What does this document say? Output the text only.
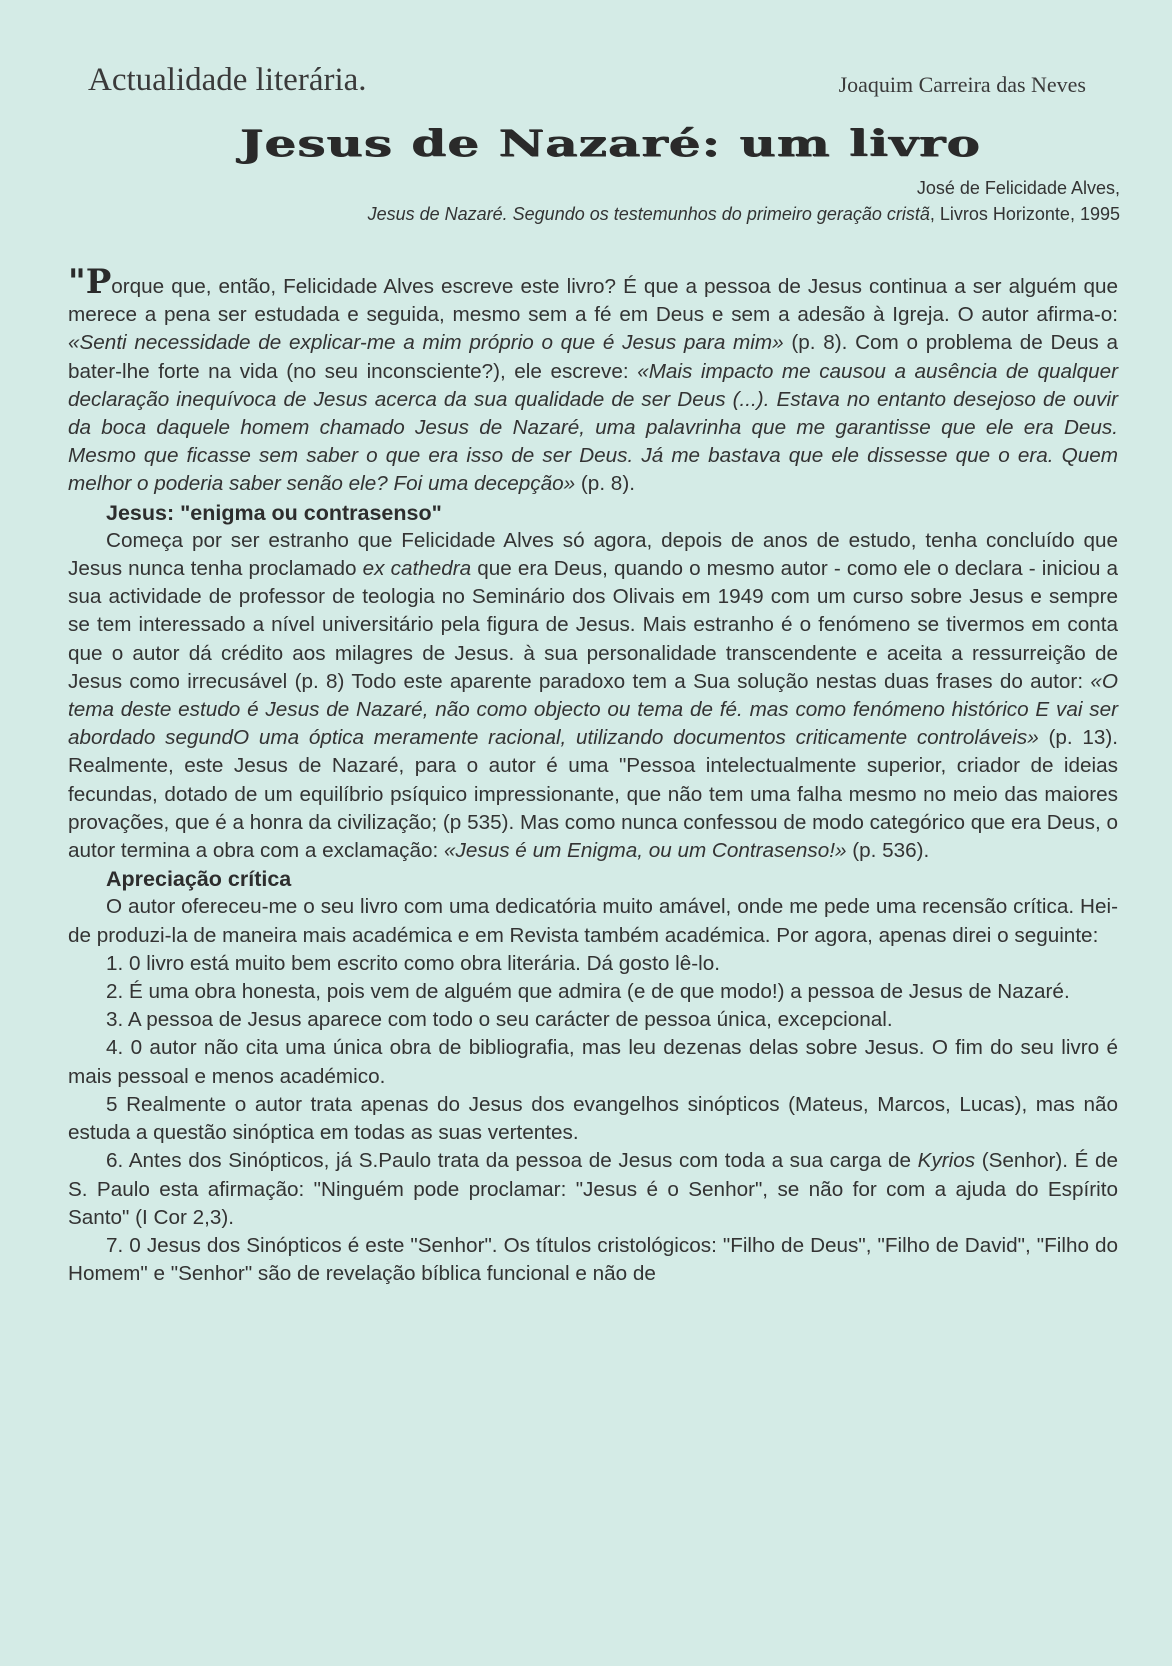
Actualidade literária.	Joaquim Carreira das Neves
Jesus de Nazaré: um livro
José de Felicidade Alves,
Jesus de Nazaré. Segundo os testemunhos do primeiro geração cristã, Livros Horizonte, 1995

"Porque que, então, Felicidade Alves escreve este livro? É que a pessoa de Jesus continua a ser alguém que merece a pena ser estudada e seguida, mesmo sem a fé em Deus e sem a adesão à Igreja. O autor afirma-o: «Senti necessidade de explicar-me a mim próprio o que é Jesus para mim» (p. 8). Com o problema de Deus a bater-lhe forte na vida (no seu inconsciente?), ele escreve: «Mais impacto me causou a ausência de qualquer declaração inequívoca de Jesus acerca da sua qualidade de ser Deus (...). Estava no entanto desejoso de ouvir da boca daquele homem chamado Jesus de Nazaré, uma palavrinha que me garantisse que ele era Deus. Mesmo que ficasse sem saber o que era isso de ser Deus. Já me bastava que ele dissesse que o era. Quem melhor o poderia saber senão ele? Foi uma decepção» (p. 8).

Jesus: "enigma ou contrasenso"

Começa por ser estranho que Felicidade Alves só agora, depois de anos de estudo, tenha concluído que Jesus nunca tenha proclamado ex cathedra que era Deus, quando o mesmo autor - como ele o declara - iniciou a sua actividade de professor de teologia no Seminário dos Olivais em 1949 com um curso sobre Jesus e sempre se tem interessado a nível universitário pela figura de Jesus. Mais estranho é o fenómeno se tivermos em conta que o autor dá crédito aos milagres de Jesus. à sua personalidade transcendente e aceita a ressurreição de Jesus como irrecusável (p. 8) Todo este aparente paradoxo tem a Sua solução nestas duas frases do autor: «O tema deste estudo é Jesus de Nazaré, não como objecto ou tema de fé. mas como fenómeno histórico E vai ser abordado segundO uma óptica meramente racional, utilizando documentos criticamente controláveis» (p. 13). Realmente, este Jesus de Nazaré, para o autor é uma "Pessoa intelectualmente superior, criador de ideias fecundas, dotado de um equilíbrio psíquico impressionante, que não tem uma falha mesmo no meio das maiores provações, que é a honra da civilização; (p 535). Mas como nunca confessou de modo categórico que era Deus, o autor termina a obra com a exclamação: «Jesus é um Enigma, ou um Contrasenso!» (p. 536).

Apreciação crítica

O autor ofereceu-me o seu livro com uma dedicatória muito amável, onde me pede uma recensão crítica. Hei-de produzi-la de maneira mais académica e em Revista também académica. Por agora, apenas direi o seguinte:

1. 0 livro está muito bem escrito como obra literária. Dá gosto lê-lo.

2. É uma obra honesta, pois vem de alguém que admira (e de que modo!) a pessoa de Jesus de Nazaré.

3. A pessoa de Jesus aparece com todo o seu carácter de pessoa única, excepcional.

4. 0 autor não cita uma única obra de bibliografia, mas leu dezenas delas sobre Jesus. O fim do seu livro é mais pessoal e menos académico.

5 Realmente o autor trata apenas do Jesus dos evangelhos sinópticos (Mateus, Marcos, Lucas), mas não estuda a questão sinóptica em todas as suas vertentes.

6. Antes dos Sinópticos, já S.Paulo trata da pessoa de Jesus com toda a sua carga de Kyrios (Senhor). É de S. Paulo esta afirmação: "Ninguém pode proclamar: "Jesus é o Senhor", se não for com a ajuda do Espírito Santo" (I Cor 2,3).

7. 0 Jesus dos Sinópticos é este "Senhor". Os títulos cristológicos: "Filho de Deus", "Filho de David", "Filho do Homem" e "Senhor" são de revelação bíblica funcional e não de
